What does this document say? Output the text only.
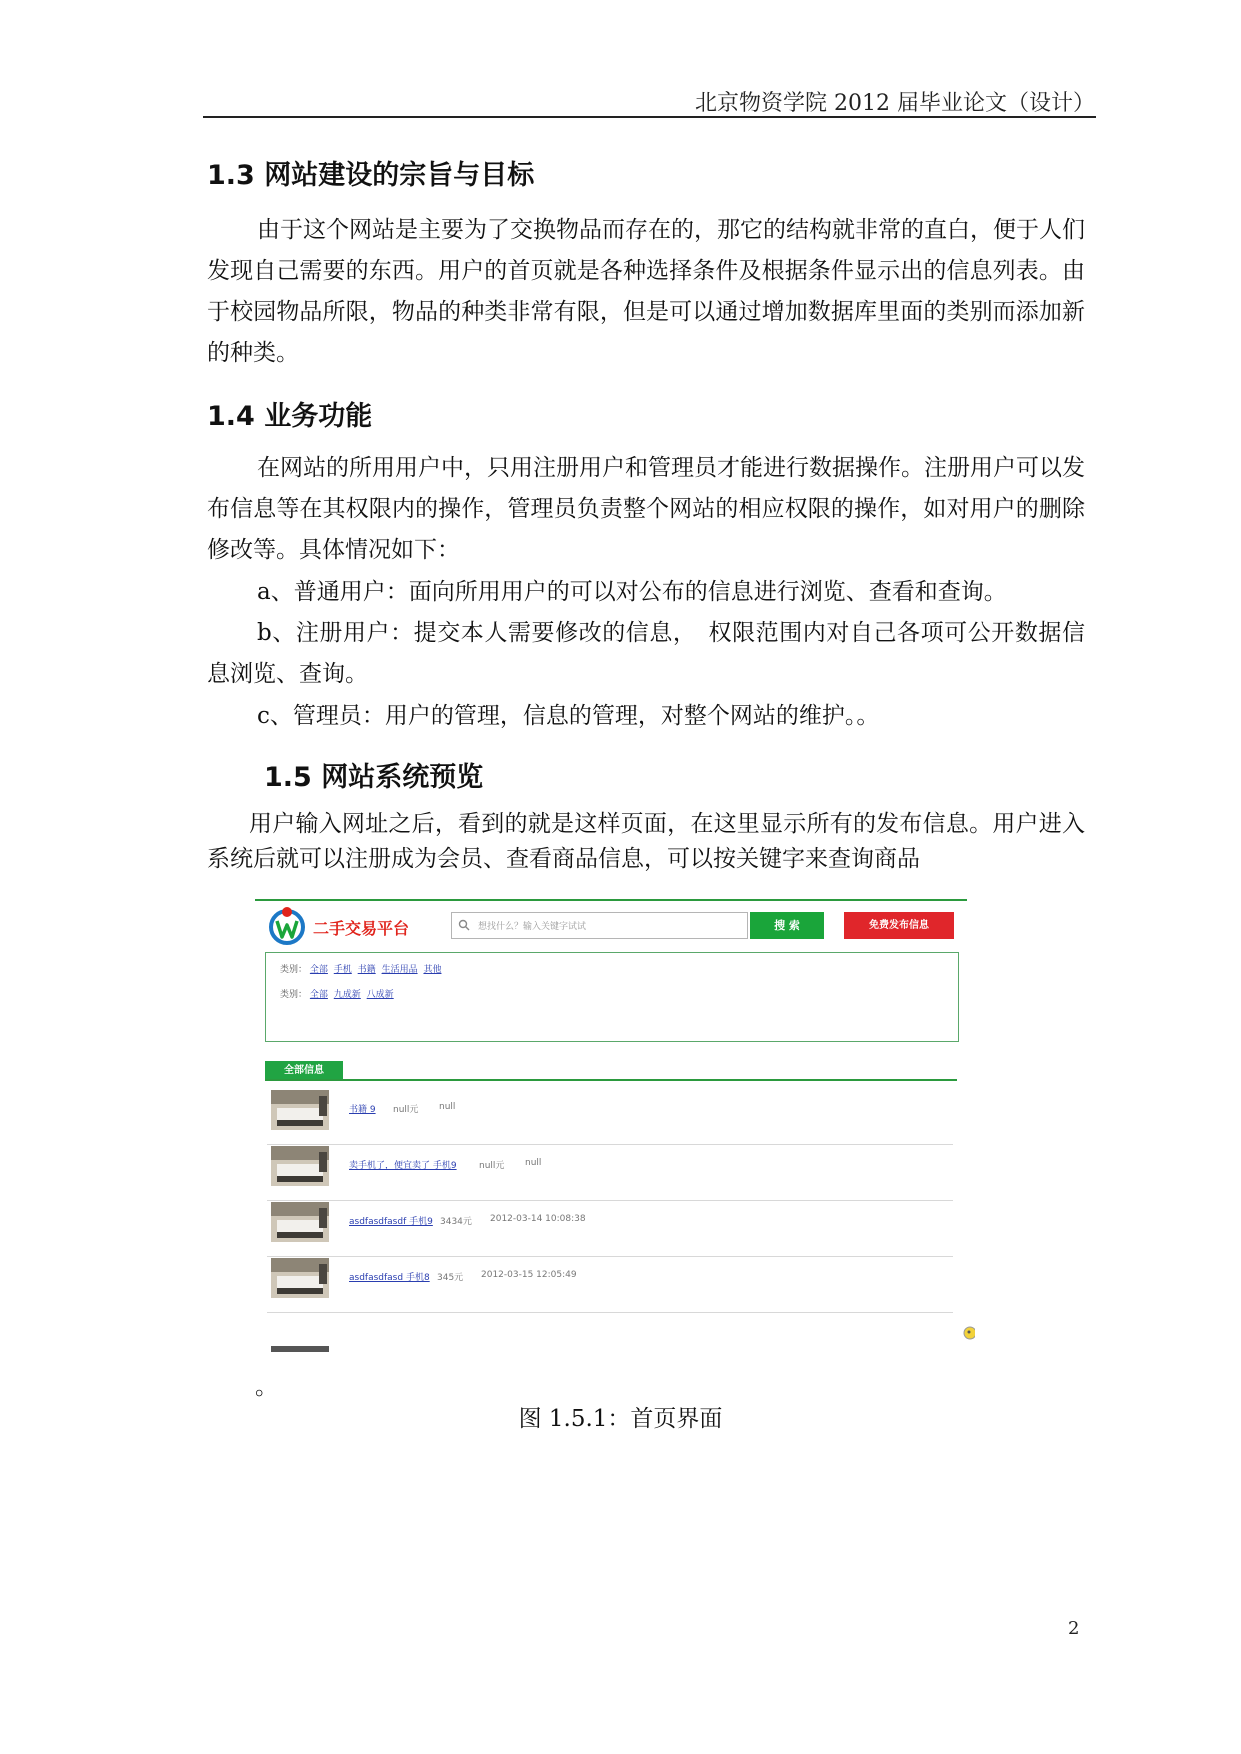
北京物资学院 2012 届毕业论文（设计）
1.3 网站建设的宗旨与目标
由于这个网站是主要为了交换物品而存在的，那它的结构就非常的直白，便于人们发现自己需要的东西。用户的首页就是各种选择条件及根据条件显示出的信息列表。由于校园物品所限，物品的种类非常有限，但是可以通过增加数据库里面的类别而添加新的种类。
1.4 业务功能
在网站的所用用户中，只用注册用户和管理员才能进行数据操作。注册用户可以发布信息等在其权限内的操作，管理员负责整个网站的相应权限的操作，如对用户的删除修改等。具体情况如下：
a、普通用户：面向所用用户的可以对公布的信息进行浏览、查看和查询。
b、注册用户：提交本人需要修改的信息，　权限范围内对自己各项可公开数据信息浏览、查询。
c、管理员：用户的管理，信息的管理，对整个网站的维护。。
1.5 网站系统预览
用户输入网址之后，看到的就是这样页面，在这里显示所有的发布信息。用户进入系统后就可以注册成为会员、查看商品信息，可以按关键字来查询商品
二手交易平台	想找什么？输入关键字试试	搜 索	免费发布信息
类别： 全部 手机 书籍 生活用品 其他
类别： 全部 九成新 八成新
全部信息
书籍 9 null元 null
卖手机了，便宜卖了 手机9 null元 null
asdfasdfasdf 手机9 3434元 2012-03-14 10:08:38
asdfasdfasd 手机8 345元 2012-03-15 12:05:49
。
图 1.5.1：首页界面
2
